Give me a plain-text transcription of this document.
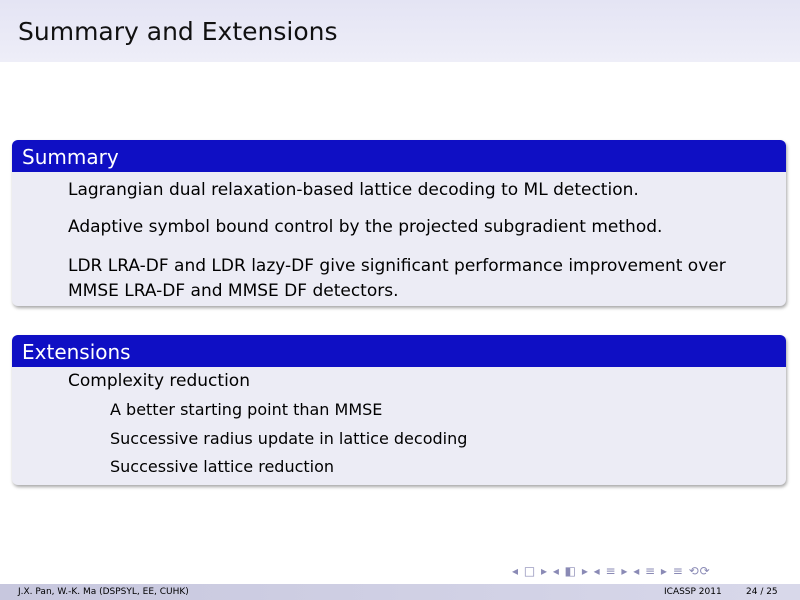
Summary and Extensions
Summary
Lagrangian dual relaxation-based lattice decoding to ML detection.
Adaptive symbol bound control by the projected subgradient method.
LDR LRA-DF and LDR lazy-DF give significant performance improvement over MMSE LRA-DF and MMSE DF detectors.
Extensions
Complexity reduction
A better starting point than MMSE
Successive radius update in lattice decoding
Successive lattice reduction
◂ □ ▸ ◂ ◧ ▸ ◂ ≡ ▸ ◂ ≡ ▸ ≡ ⟲⟳
J.X. Pan, W.-K. Ma (DSPSYL, EE, CUHK)	ICASSP 2011	24 / 25
